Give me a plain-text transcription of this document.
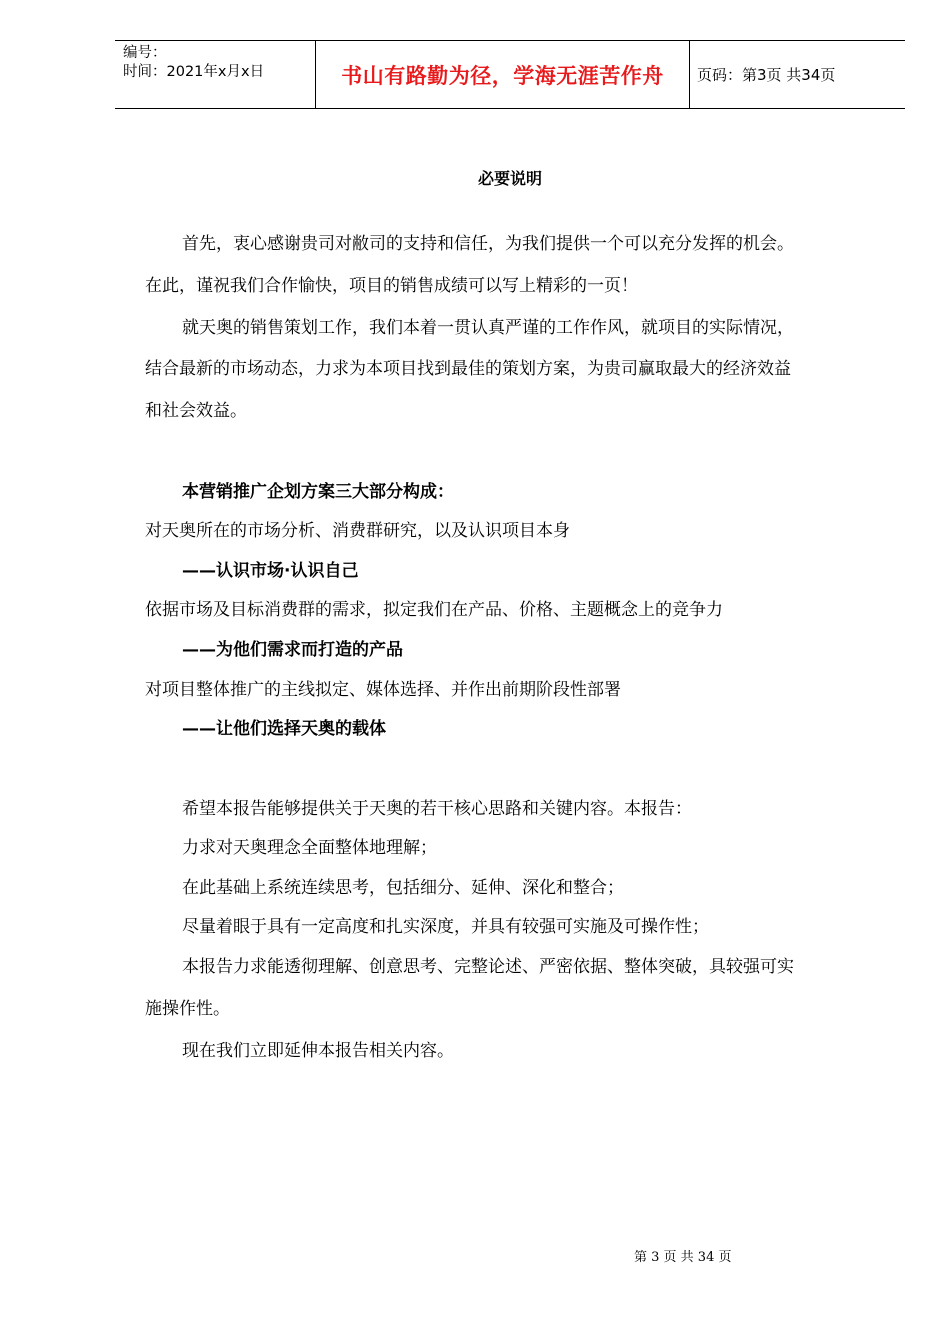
编号：
时间：2021年x月x日	书山有路勤为径，学海无涯苦作舟	页码：第3页 共34页
必要说明
首先，衷心感谢贵司对敝司的支持和信任，为我们提供一个可以充分发挥的机会。
在此，谨祝我们合作愉快，项目的销售成绩可以写上精彩的一页！
就天奥的销售策划工作，我们本着一贯认真严谨的工作作风，就项目的实际情况，
结合最新的市场动态，力求为本项目找到最佳的策划方案，为贵司赢取最大的经济效益
和社会效益。
本营销推广企划方案三大部分构成：
对天奥所在的市场分析、消费群研究，以及认识项目本身
——认识市场·认识自己
依据市场及目标消费群的需求，拟定我们在产品、价格、主题概念上的竞争力
——为他们需求而打造的产品
对项目整体推广的主线拟定、媒体选择、并作出前期阶段性部署
——让他们选择天奥的载体
希望本报告能够提供关于天奥的若干核心思路和关键内容。本报告：
力求对天奥理念全面整体地理解；
在此基础上系统连续思考，包括细分、延伸、深化和整合；
尽量着眼于具有一定高度和扎实深度，并具有较强可实施及可操作性；
本报告力求能透彻理解、创意思考、完整论述、严密依据、整体突破，具较强可实
施操作性。
现在我们立即延伸本报告相关内容。
第 3 页 共 34 页
